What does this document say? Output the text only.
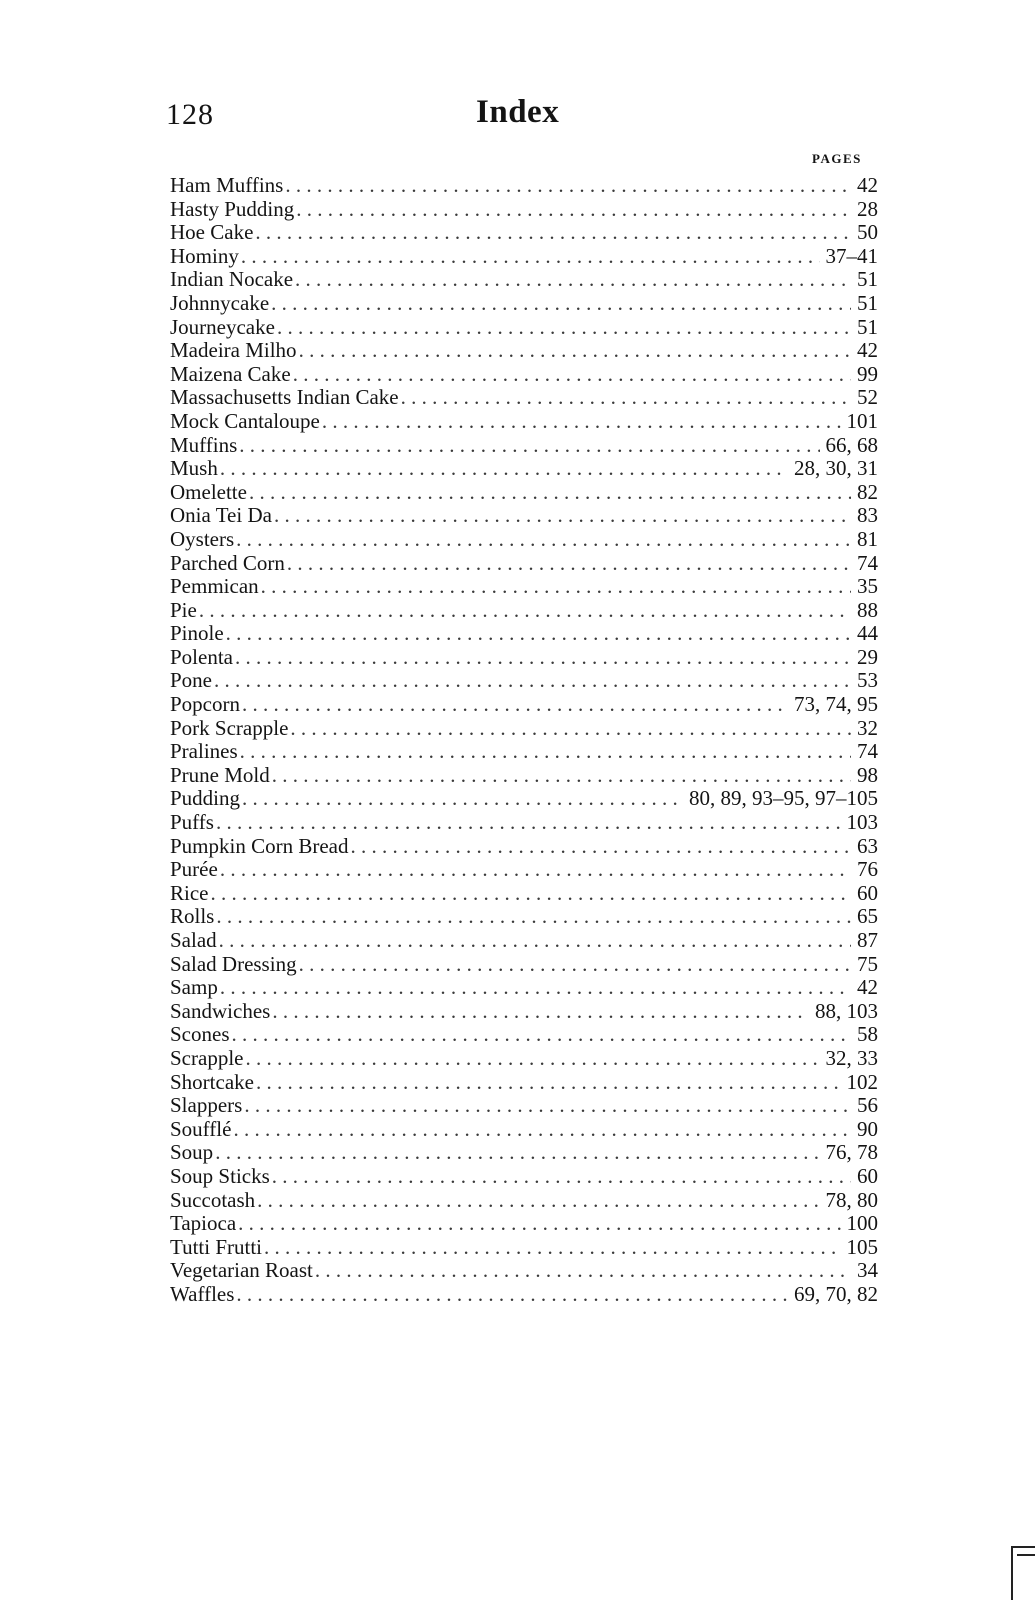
128	Index
PAGES
Ham Muffins . . .	42
Hasty Pudding . . .	28
Hoe Cake . . .	50
Hominy . . .	37–41
Indian Nocake . . .	51
Johnnycake . . .	51
Journeycake . . .	51
Madeira Milho . . .	42
Maizena Cake . . .	99
Massachusetts Indian Cake . . .	52
Mock Cantaloupe . . .	101
Muffins . . .	66, 68
Mush . . .	28, 30, 31
Omelette . . .	82
Onia Tei Da . . .	83
Oysters . . .	81
Parched Corn . . .	74
Pemmican . . .	35
Pie . . .	88
Pinole . . .	44
Polenta . . .	29
Pone . . .	53
Popcorn . . .	73, 74, 95
Pork Scrapple . . .	32
Pralines . . .	74
Prune Mold . . .	98
Pudding . . .	80, 89, 93–95, 97–105
Puffs . . .	103
Pumpkin Corn Bread . . .	63
Purée . . .	76
Rice . . .	60
Rolls . . .	65
Salad . . .	87
Salad Dressing . . .	75
Samp . . .	42
Sandwiches . . .	88, 103
Scones . . .	58
Scrapple . . .	32, 33
Shortcake . . .	102
Slappers . . .	56
Soufflé . . .	90
Soup . . .	76, 78
Soup Sticks . . .	60
Succotash . . .	78, 80
Tapioca . . .	100
Tutti Frutti . . .	105
Vegetarian Roast . . .	34
Waffles . . .	69, 70, 82
